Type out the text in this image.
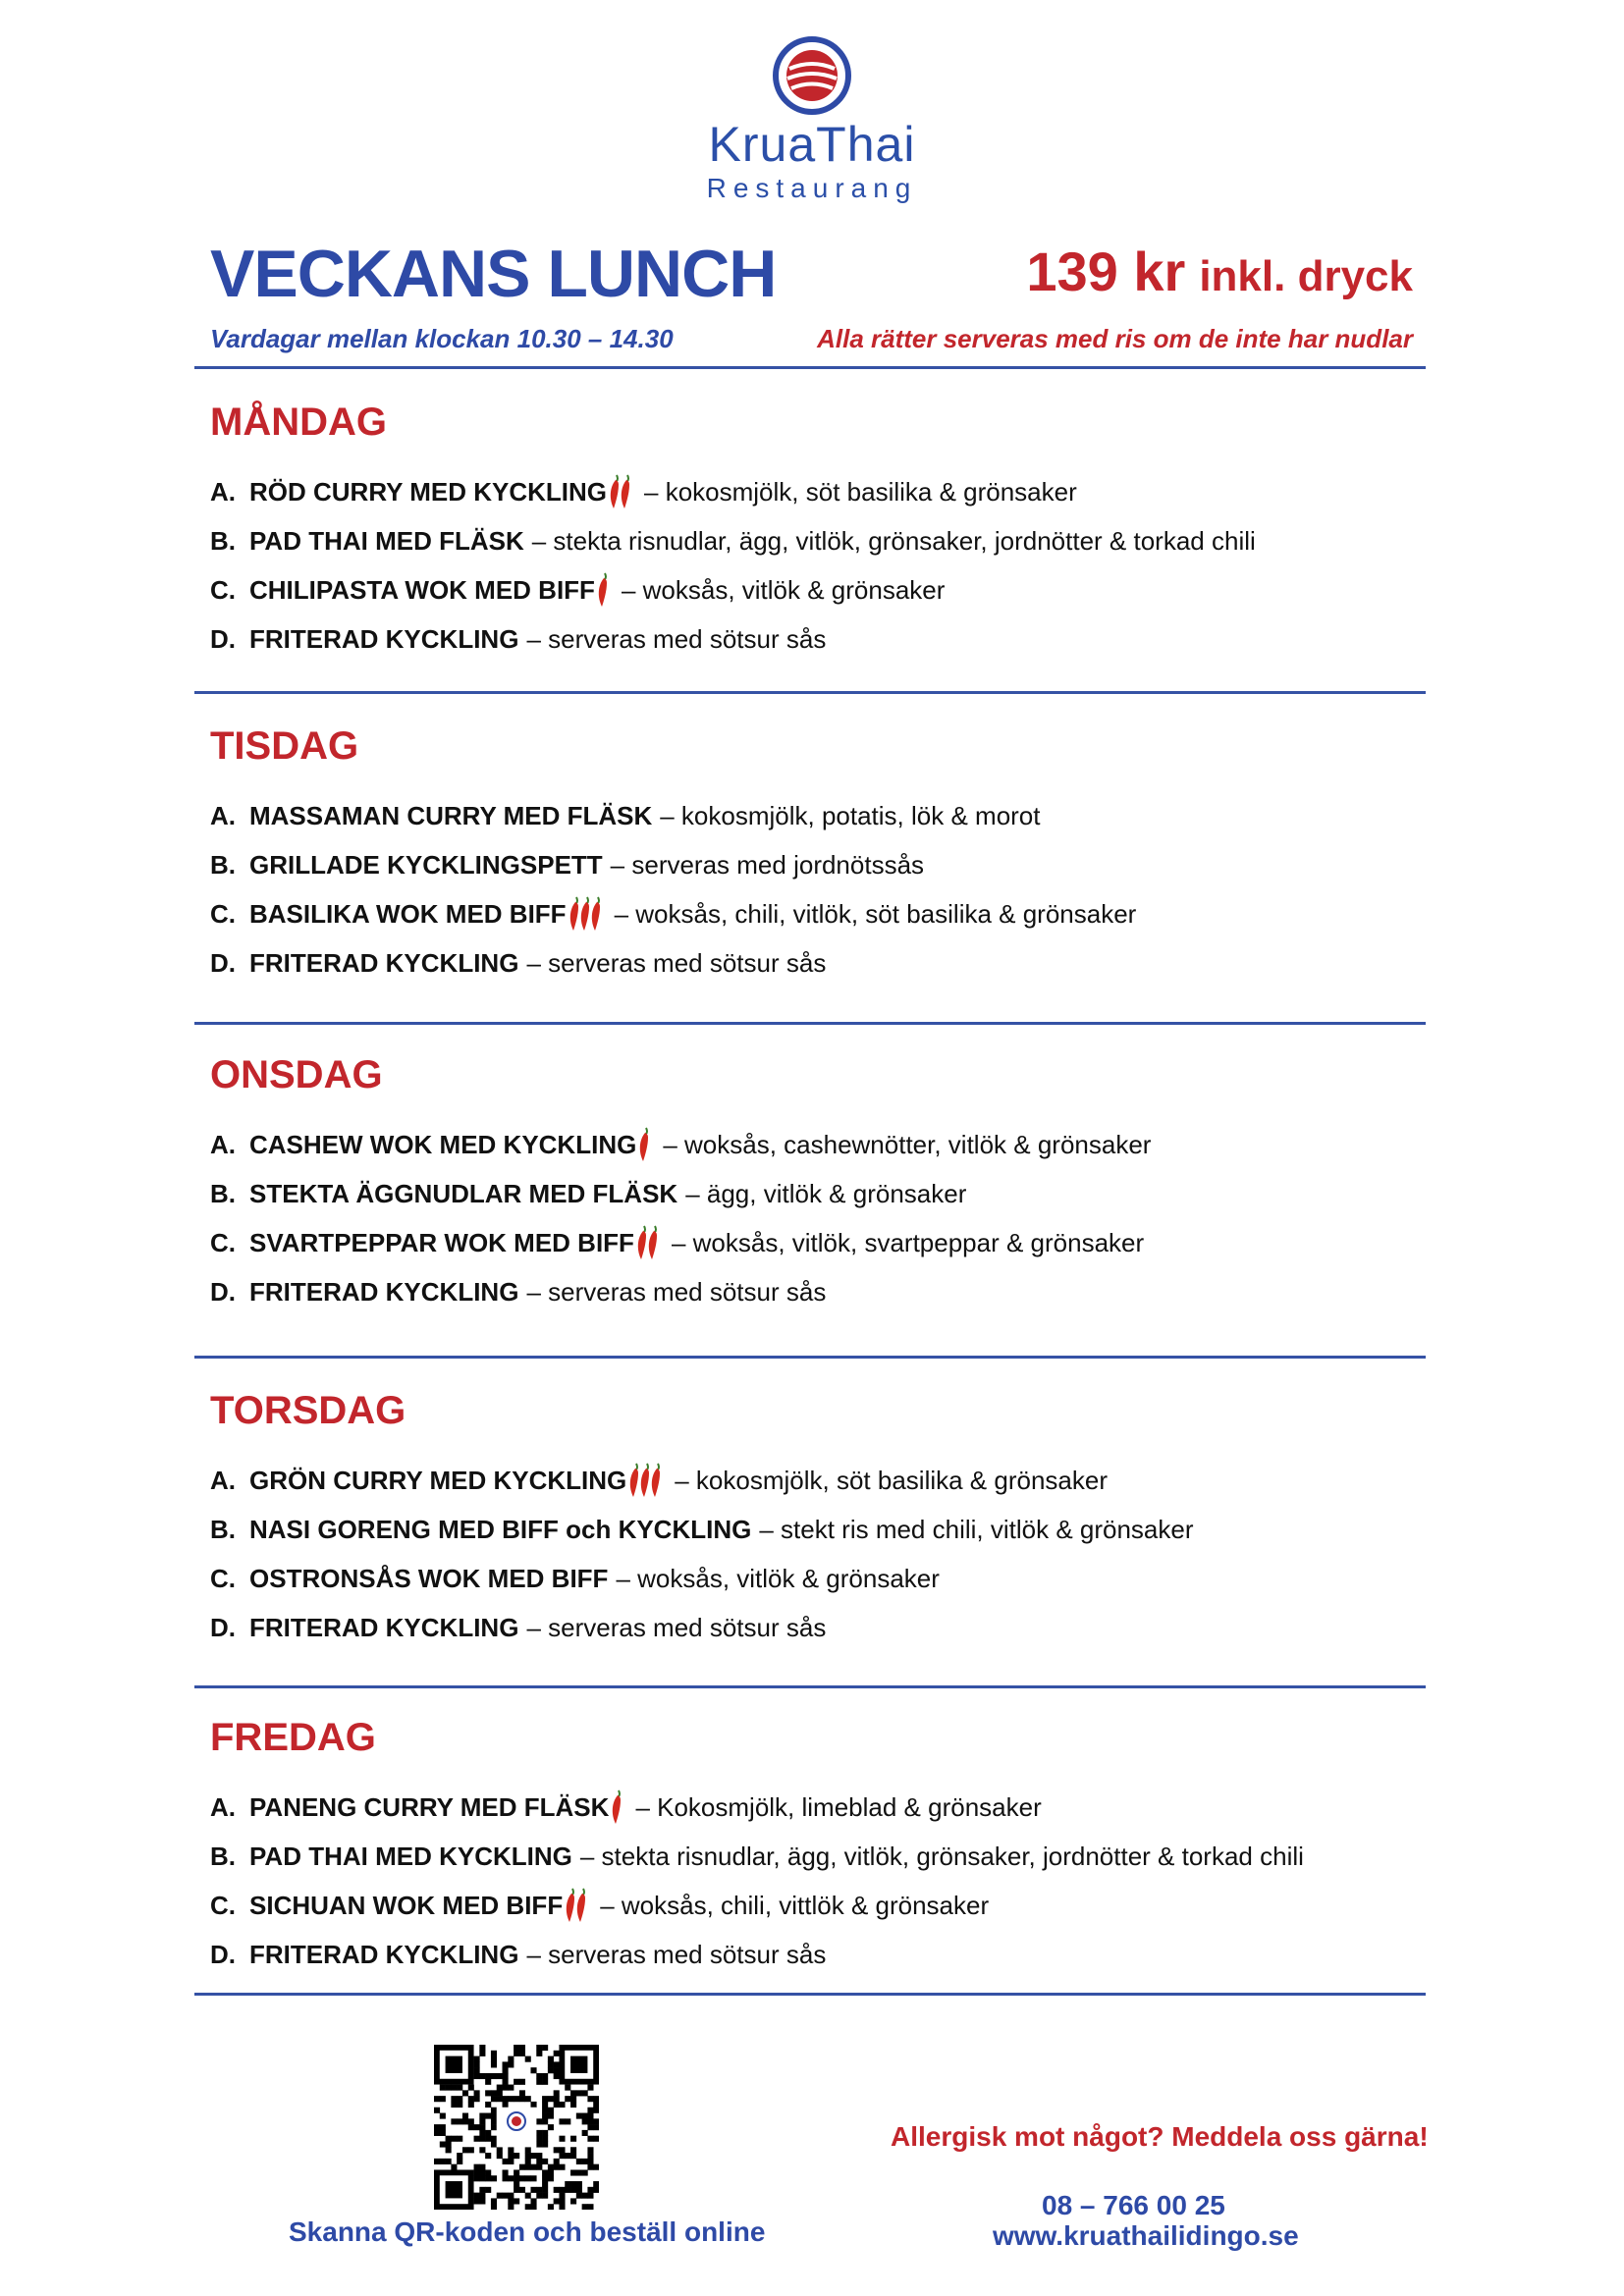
KruaThai
Restaurang
VECKANS LUNCH
Vardagar mellan klockan 10.30 – 14.30
139 kr inkl. dryck
Alla rätter serveras med ris om de inte har nudlar
MÅNDAG
A. RÖD CURRY MED KYCKLING – kokosmjölk, söt basilika & grönsaker
B. PAD THAI MED FLÄSK – stekta risnudlar, ägg, vitlök, grönsaker, jordnötter & torkad chili
C. CHILIPASTA WOK MED BIFF – woksås, vitlök & grönsaker
D. FRITERAD KYCKLING – serveras med sötsur sås
TISDAG
A. MASSAMAN CURRY MED FLÄSK – kokosmjölk, potatis, lök & morot
B. GRILLADE KYCKLINGSPETT – serveras med jordnötssås
C. BASILIKA WOK MED BIFF – woksås, chili, vitlök, söt basilika & grönsaker
D. FRITERAD KYCKLING – serveras med sötsur sås
ONSDAG
A. CASHEW WOK MED KYCKLING – woksås, cashewnötter, vitlök & grönsaker
B. STEKTA ÄGGNUDLAR MED FLÄSK – ägg, vitlök & grönsaker
C. SVARTPEPPAR WOK MED BIFF – woksås, vitlök, svartpeppar & grönsaker
D. FRITERAD KYCKLING – serveras med sötsur sås
TORSDAG
A. GRÖN CURRY MED KYCKLING – kokosmjölk, söt basilika & grönsaker
B. NASI GORENG MED BIFF och KYCKLING – stekt ris med chili, vitlök & grönsaker
C. OSTRONSÅS WOK MED BIFF – woksås, vitlök & grönsaker
D. FRITERAD KYCKLING – serveras med sötsur sås
FREDAG
A. PANENG CURRY MED FLÄSK – Kokosmjölk, limeblad & grönsaker
B. PAD THAI MED KYCKLING – stekta risnudlar, ägg, vitlök, grönsaker, jordnötter & torkad chili
C. SICHUAN WOK MED BIFF – woksås, chili, vittlök & grönsaker
D. FRITERAD KYCKLING – serveras med sötsur sås
Skanna QR-koden och beställ online
Allergisk mot något? Meddela oss gärna!
08 – 766 00 25
www.kruathailidingo.se
